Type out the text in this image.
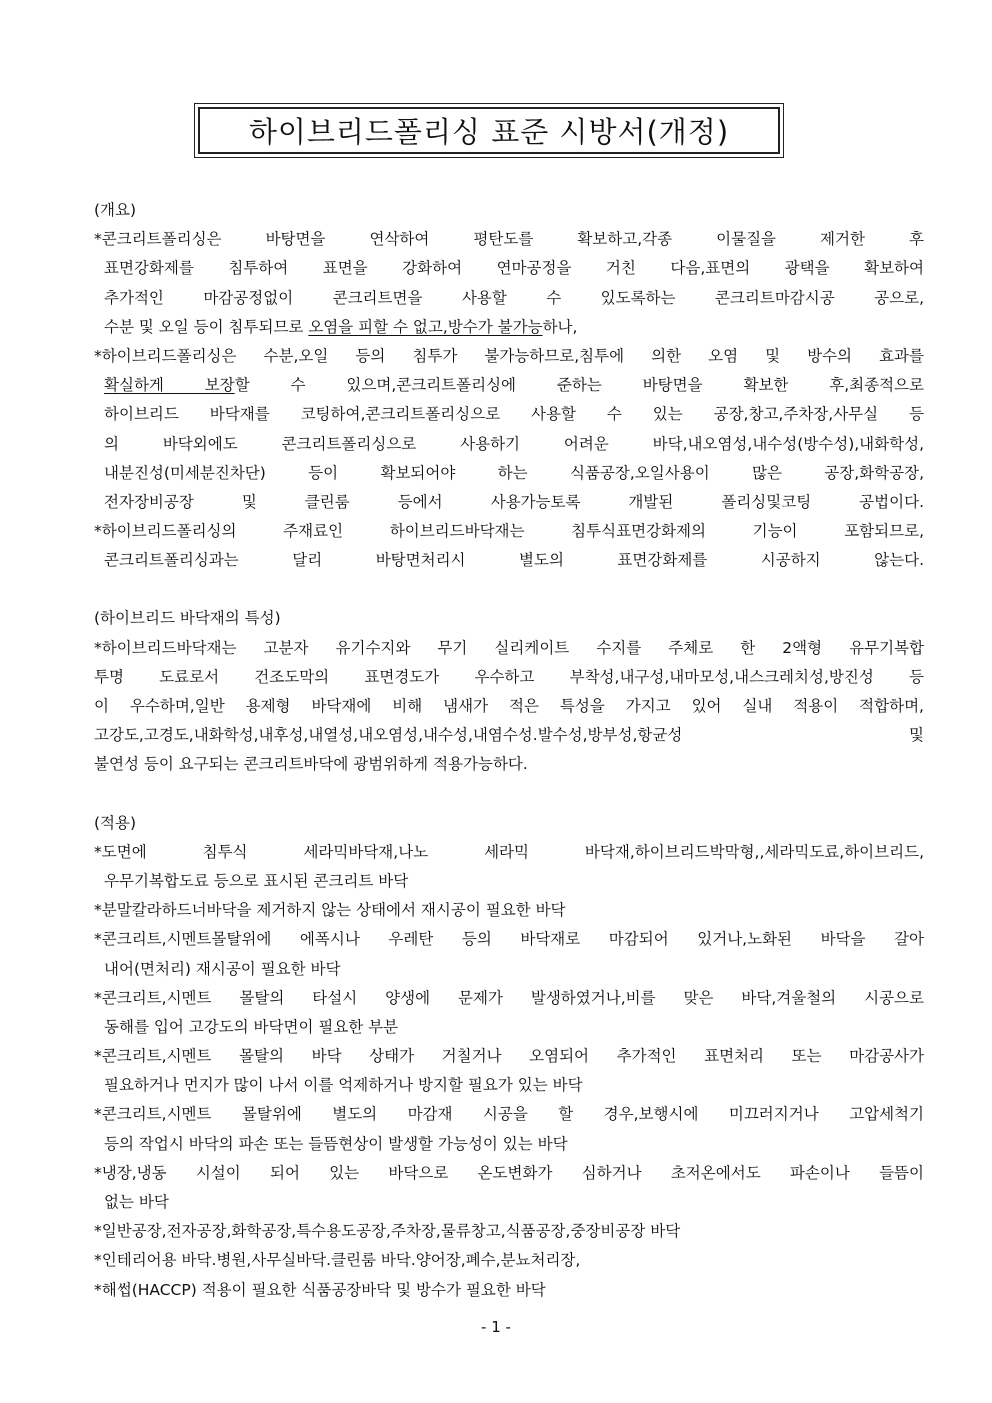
하이브리드폴리싱 표준 시방서(개정)
(개요)
*콘크리트폴리싱은 바탕면을 연삭하여 평탄도를 확보하고,각종 이물질을 제거한 후
표면강화제를 침투하여 표면을 강화하여 연마공정을 거친 다음,표면의 광택을 확보하여
추가적인 마감공정없이 콘크리트면을 사용할 수 있도록하는 콘크리트마감시공 공으로,
수분 및 오일 등이 침투되므로 오염을 피할 수 없고,방수가 불가능하나,
*하이브리드폴리싱은 수분,오일 등의 침투가 불가능하므로,침투에 의한 오염 및 방수의 효과를
확실하게 보장할 수 있으며,콘크리트폴리싱에 준하는 바탕면을 확보한 후,최종적으로
하이브리드 바닥재를 코팅하여,콘크리트폴리싱으로 사용할 수 있는 공장,창고,주차장,사무실 등
의 바닥외에도 콘크리트폴리싱으로 사용하기 어려운 바닥,내오염성,내수성(방수성),내화학성,
내분진성(미세분진차단) 등이 확보되어야 하는 식품공장,오일사용이 많은 공장,화학공장,
전자장비공장 및 클린룸 등에서 사용가능토록 개발된 폴리싱및코팅 공법이다.
*하이브리드폴리싱의 주재료인 하이브리드바닥재는 침투식표면강화제의 기능이 포함되므로,
콘크리트폴리싱과는 달리 바탕면처리시 별도의 표면강화제를 시공하지 않는다.
(하이브리드 바닥재의 특성)
*하이브리드바닥재는 고분자 유기수지와 무기 실리케이트 수지를 주체로 한 2액형 유무기복합
투명 도료로서 건조도막의 표면경도가 우수하고 부착성,내구성,내마모성,내스크레치성,방진성 등
이 우수하며,일반 용제형 바닥재에 비해 냄새가 적은 특성을 가지고 있어 실내 적용이 적합하며,
고강도,고경도,내화학성,내후성,내열성,내오염성,내수성,내염수성.발수성,방부성,항균성 및
불연성 등이 요구되는 콘크리트바닥에 광범위하게 적용가능하다.
(적용)
*도면에 침투식 세라믹바닥재,나노 세라믹 바닥재,하이브리드박막형,,세라믹도료,하이브리드,
우무기복합도료 등으로 표시된 콘크리트 바닥
*분말칼라하드너바닥을 제거하지 않는 상태에서 재시공이 필요한 바닥
*콘크리트,시멘트몰탈위에 에폭시나 우레탄 등의 바닥재로 마감되어 있거나,노화된 바닥을 갈아
내어(면처리) 재시공이 필요한 바닥
*콘크리트,시멘트 몰탈의 타설시 양생에 문제가 발생하였거나,비를 맞은 바닥,겨울철의 시공으로
동해를 입어 고강도의 바닥면이 필요한 부분
*콘크리트,시멘트 몰탈의 바닥 상태가 거칠거나 오염되어 추가적인 표면처리 또는 마감공사가
필요하거나 먼지가 많이 나서 이를 억제하거나 방지할 필요가 있는 바닥
*콘크리트,시멘트 몰탈위에 별도의 마감재 시공을 할 경우,보행시에 미끄러지거나 고압세척기
등의 작업시 바닥의 파손 또는 들뜸현상이 발생할 가능성이 있는 바닥
*냉장,냉동 시설이 되어 있는 바닥으로 온도변화가 심하거나 초저온에서도 파손이나 들뜸이
없는 바닥
*일반공장,전자공장,화학공장,특수용도공장,주차장,물류창고,식품공장,중장비공장 바닥
*인테리어용 바닥.병원,사무실바닥.클린룸 바닥.양어장,폐수,분뇨처리장,
*해썹(HACCP) 적용이 필요한 식품공장바닥 및 방수가 필요한 바닥
- 1 -
